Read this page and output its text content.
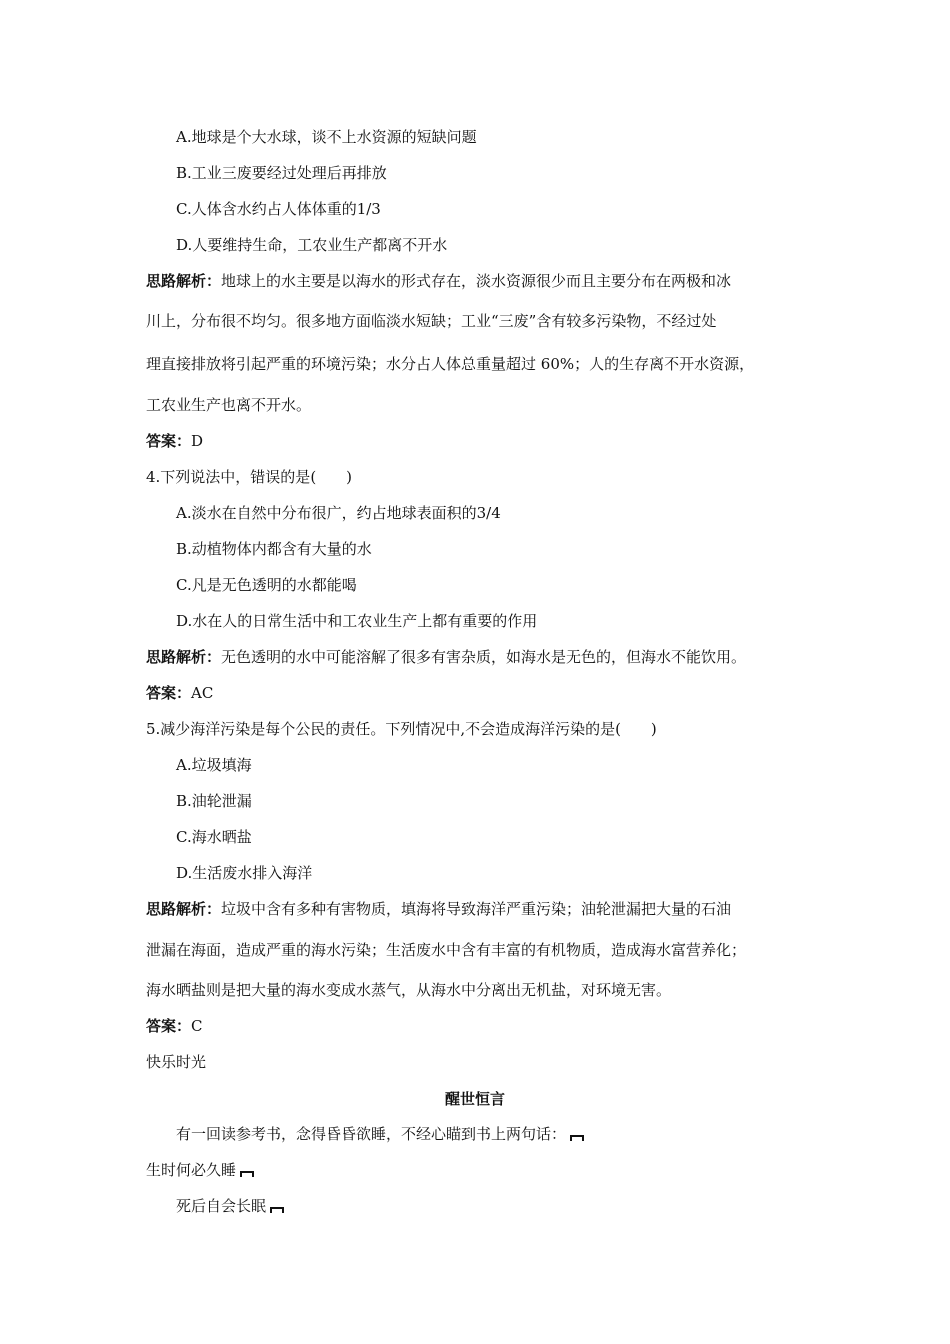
A.地球是个大水球，谈不上水资源的短缺问题
B.工业三废要经过处理后再排放
C.人体含水约占人体体重的1/3
D.人要维持生命，工农业生产都离不开水
思路解析：地球上的水主要是以海水的形式存在，淡水资源很少而且主要分布在两极和冰
川上，分布很不均匀。很多地方面临淡水短缺；工业“三废”含有较多污染物，不经过处
理直接排放将引起严重的环境污染；水分占人体总重量超过 60%；人的生存离不开水资源，
工农业生产也离不开水。
答案：D
4.下列说法中，错误的是(　　)
A.淡水在自然中分布很广，约占地球表面积的3/4
B.动植物体内都含有大量的水
C.凡是无色透明的水都能喝
D.水在人的日常生活中和工农业生产上都有重要的作用
思路解析：无色透明的水中可能溶解了很多有害杂质，如海水是无色的，但海水不能饮用。
答案：AC
5.减少海洋污染是每个公民的责任。下列情况中,不会造成海洋污染的是(　　)
A.垃圾填海
B.油轮泄漏
C.海水晒盐
D.生活废水排入海洋
思路解析：垃圾中含有多种有害物质，填海将导致海洋严重污染；油轮泄漏把大量的石油
泄漏在海面，造成严重的海水污染；生活废水中含有丰富的有机物质，造成海水富营养化；
海水晒盐则是把大量的海水变成水蒸气，从海水中分离出无机盐，对环境无害。
答案：C
快乐时光
醒世恒言
有一回读参考书，念得昏昏欲睡，不经心瞄到书上两句话：
生时何必久睡
死后自会长眠
